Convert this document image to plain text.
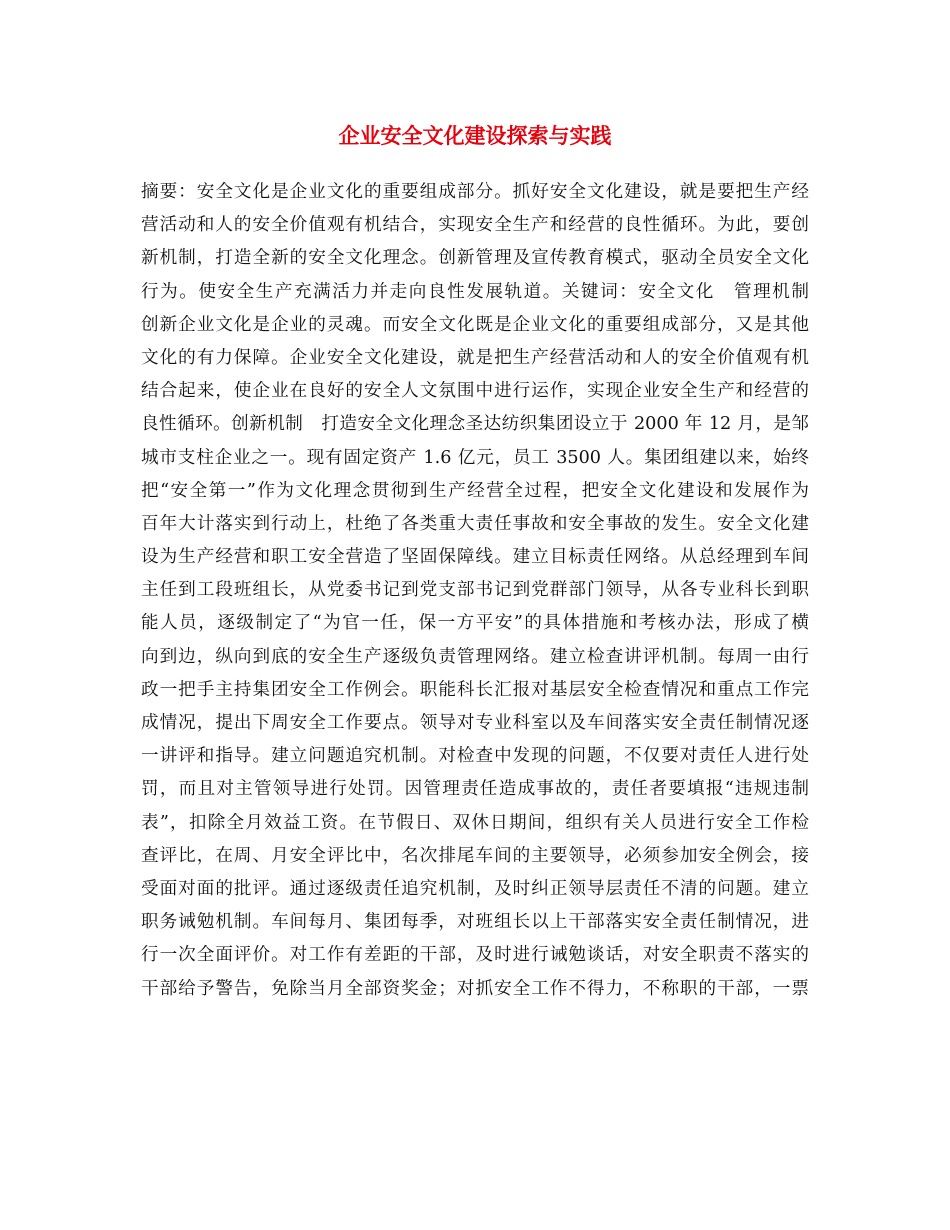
企业安全文化建设探索与实践
摘要：安全文化是企业文化的重要组成部分。抓好安全文化建设，就是要把生产经
营活动和人的安全价值观有机结合，实现安全生产和经营的良性循环。为此，要创
新机制，打造全新的安全文化理念。创新管理及宣传教育模式，驱动全员安全文化
行为。使安全生产充满活力并走向良性发展轨道。关键词：安全文化　管理机制
创新企业文化是企业的灵魂。而安全文化既是企业文化的重要组成部分，又是其他
文化的有力保障。企业安全文化建设，就是把生产经营活动和人的安全价值观有机
结合起来，使企业在良好的安全人文氛围中进行运作，实现企业安全生产和经营的
良性循环。创新机制　打造安全文化理念圣达纺织集团设立于 2000 年 12 月，是邹
城市支柱企业之一。现有固定资产 1.6 亿元，员工 3500 人。集团组建以来，始终
把“安全第一”作为文化理念贯彻到生产经营全过程，把安全文化建设和发展作为
百年大计落实到行动上，杜绝了各类重大责任事故和安全事故的发生。安全文化建
设为生产经营和职工安全营造了坚固保障线。建立目标责任网络。从总经理到车间
主任到工段班组长，从党委书记到党支部书记到党群部门领导，从各专业科长到职
能人员，逐级制定了“为官一任，保一方平安”的具体措施和考核办法，形成了横
向到边，纵向到底的安全生产逐级负责管理网络。建立检查讲评机制。每周一由行
政一把手主持集团安全工作例会。职能科长汇报对基层安全检查情况和重点工作完
成情况，提出下周安全工作要点。领导对专业科室以及车间落实安全责任制情况逐
一讲评和指导。建立问题追究机制。对检查中发现的问题，不仅要对责任人进行处
罚，而且对主管领导进行处罚。因管理责任造成事故的，责任者要填报“违规违制
表”，扣除全月效益工资。在节假日、双休日期间，组织有关人员进行安全工作检
查评比，在周、月安全评比中，名次排尾车间的主要领导，必须参加安全例会，接
受面对面的批评。通过逐级责任追究机制，及时纠正领导层责任不清的问题。建立
职务诫勉机制。车间每月、集团每季，对班组长以上干部落实安全责任制情况，进
行一次全面评价。对工作有差距的干部，及时进行诫勉谈话，对安全职责不落实的
干部给予警告，免除当月全部资奖金；对抓安全工作不得力，不称职的干部，一票
